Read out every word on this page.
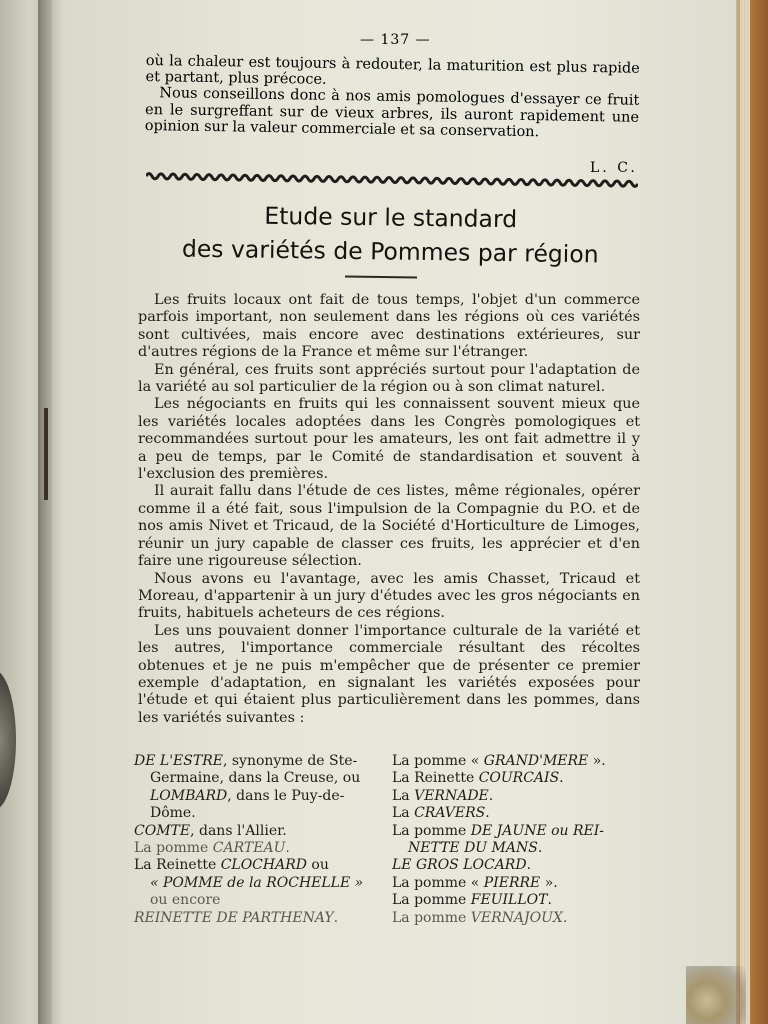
— 137 —

où la chaleur est toujours à redouter, la maturition est plus rapide et partant, plus précoce.

Nous conseillons donc à nos amis pomologues d'essayer ce fruit en le surgreffant sur de vieux arbres, ils auront rapidement une opinion sur la valeur commerciale et sa conservation.

L. C.
Etude sur le standard
des variétés de Pommes par région

Les fruits locaux ont fait de tous temps, l'objet d'un commerce parfois important, non seulement dans les régions où ces variétés sont cultivées, mais encore avec destinations extérieures, sur d'autres régions de la France et même sur l'étranger.

En général, ces fruits sont appréciés surtout pour l'adaptation de la variété au sol particulier de la région ou à son climat naturel.

Les négociants en fruits qui les connaissent souvent mieux que les variétés locales adoptées dans les Congrès pomologiques et recommandées surtout pour les amateurs, les ont fait admettre il y a peu de temps, par le Comité de standardisation et souvent à l'exclusion des premières.

Il aurait fallu dans l'étude de ces listes, même régionales, opérer comme il a été fait, sous l'impulsion de la Compagnie du P.O. et de nos amis Nivet et Tricaud, de la Société d'Horticulture de Limoges, réunir un jury capable de classer ces fruits, les apprécier et d'en faire une rigoureuse sélection.

Nous avons eu l'avantage, avec les amis Chasset, Tricaud et Moreau, d'appartenir à un jury d'études avec les gros négociants en fruits, habituels acheteurs de ces régions.

Les uns pouvaient donner l'importance culturale de la variété et les autres, l'importance commerciale résultant des récoltes obtenues et je ne puis m'empêcher que de présenter ce premier exemple d'adaptation, en signalant les variétés exposées pour l'étude et qui étaient plus particulièrement dans les pommes, dans les variétés suivantes :

DE L'ESTRE, synonyme de Ste-
Germaine, dans la Creuse, ou
LOMBARD, dans le Puy-de-
Dôme.
COMTE, dans l'Allier.
La pomme CARTEAU.
La Reinette CLOCHARD ou
« POMME de la ROCHELLE »
ou encore
REINETTE DE PARTHENAY.
La pomme « GRAND'MERE ».
La Reinette COURCAIS.
La VERNADE.
La CRAVERS.
La pomme DE JAUNE ou REI-
NETTE DU MANS.
LE GROS LOCARD.
La pomme « PIERRE ».
La pomme FEUILLOT.
La pomme VERNAJOUX.
